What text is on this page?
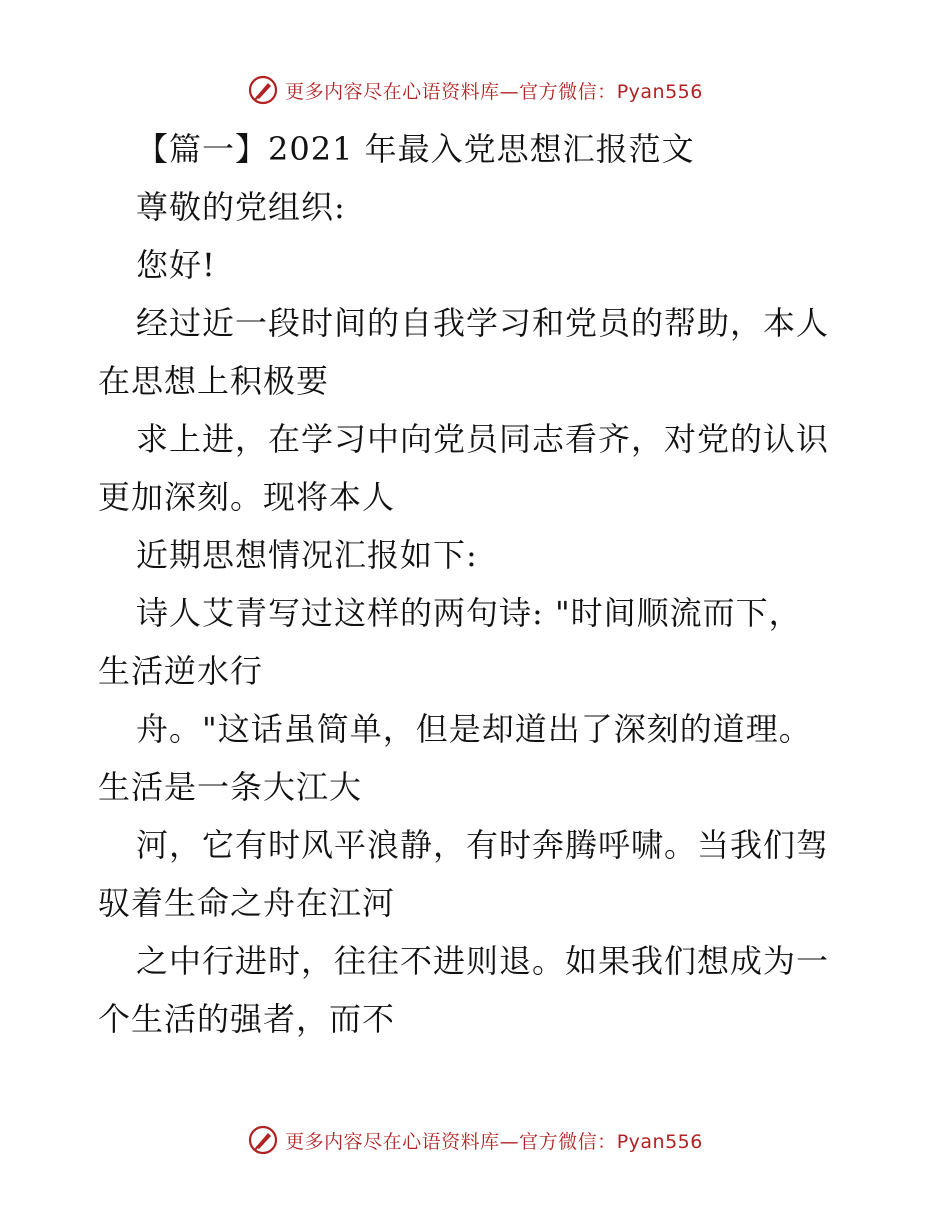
更多内容尽在心语资料库—官方微信：Pyan556
【篇一】2021 年最入党思想汇报范文
尊敬的党组织:
您好!
经过近一段时间的自我学习和党员的帮助，本人
在思想上积极要
求上进，在学习中向党员同志看齐，对党的认识
更加深刻。现将本人
近期思想情况汇报如下:
诗人艾青写过这样的两句诗: "时间顺流而下，
生活逆水行
舟。"这话虽简单，但是却道出了深刻的道理。
生活是一条大江大
河，它有时风平浪静，有时奔腾呼啸。当我们驾
驭着生命之舟在江河
之中行进时，往往不进则退。如果我们想成为一
个生活的强者，而不
更多内容尽在心语资料库—官方微信：Pyan556
